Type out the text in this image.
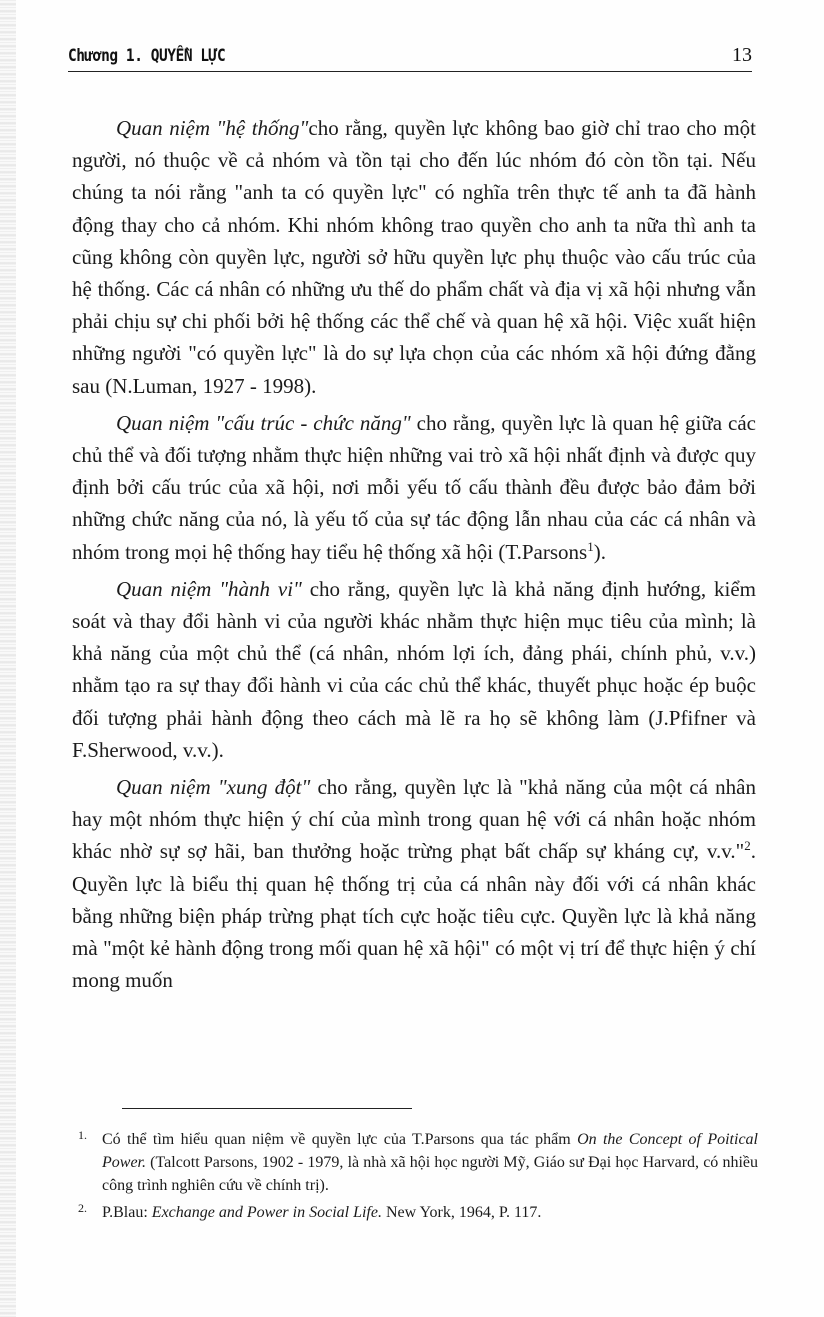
Chương 1. QUYỀN LỰC	13

Quan niệm "hệ thống"cho rằng, quyền lực không bao giờ chỉ trao cho một người, nó thuộc về cả nhóm và tồn tại cho đến lúc nhóm đó còn tồn tại. Nếu chúng ta nói rằng "anh ta có quyền lực" có nghĩa trên thực tế anh ta đã hành động thay cho cả nhóm. Khi nhóm không trao quyền cho anh ta nữa thì anh ta cũng không còn quyền lực, người sở hữu quyền lực phụ thuộc vào cấu trúc của hệ thống. Các cá nhân có những ưu thế do phẩm chất và địa vị xã hội nhưng vẫn phải chịu sự chi phối bởi hệ thống các thể chế và quan hệ xã hội. Việc xuất hiện những người "có quyền lực" là do sự lựa chọn của các nhóm xã hội đứng đằng sau (N.Luman, 1927 - 1998).

Quan niệm "cấu trúc - chức năng" cho rằng, quyền lực là quan hệ giữa các chủ thể và đối tượng nhằm thực hiện những vai trò xã hội nhất định và được quy định bởi cấu trúc của xã hội, nơi mỗi yếu tố cấu thành đều được bảo đảm bởi những chức năng của nó, là yếu tố của sự tác động lẫn nhau của các cá nhân và nhóm trong mọi hệ thống hay tiểu hệ thống xã hội (T.Parsons$^1$).

Quan niệm "hành vi" cho rằng, quyền lực là khả năng định hướng, kiểm soát và thay đổi hành vi của người khác nhằm thực hiện mục tiêu của mình; là khả năng của một chủ thể (cá nhân, nhóm lợi ích, đảng phái, chính phủ, v.v.) nhằm tạo ra sự thay đổi hành vi của các chủ thể khác, thuyết phục hoặc ép buộc đối tượng phải hành động theo cách mà lẽ ra họ sẽ không làm (J.Pfifner và F.Sherwood, v.v.).

Quan niệm "xung đột" cho rằng, quyền lực là "khả năng của một cá nhân hay một nhóm thực hiện ý chí của mình trong quan hệ với cá nhân hoặc nhóm khác nhờ sự sợ hãi, ban thưởng hoặc trừng phạt bất chấp sự kháng cự, v.v."$^2$. Quyền lực là biểu thị quan hệ thống trị của cá nhân này đối với cá nhân khác bằng những biện pháp trừng phạt tích cực hoặc tiêu cực. Quyền lực là khả năng mà "một kẻ hành động trong mối quan hệ xã hội" có một vị trí để thực hiện ý chí mong muốn

1. Có thể tìm hiểu quan niệm về quyền lực của T.Parsons qua tác phẩm On the Concept of Poitical Power. (Talcott Parsons, 1902 - 1979, là nhà xã hội học người Mỹ, Giáo sư Đại học Harvard, có nhiều công trình nghiên cứu về chính trị).
2. P.Blau: Exchange and Power in Social Life. New York, 1964, P. 117.
